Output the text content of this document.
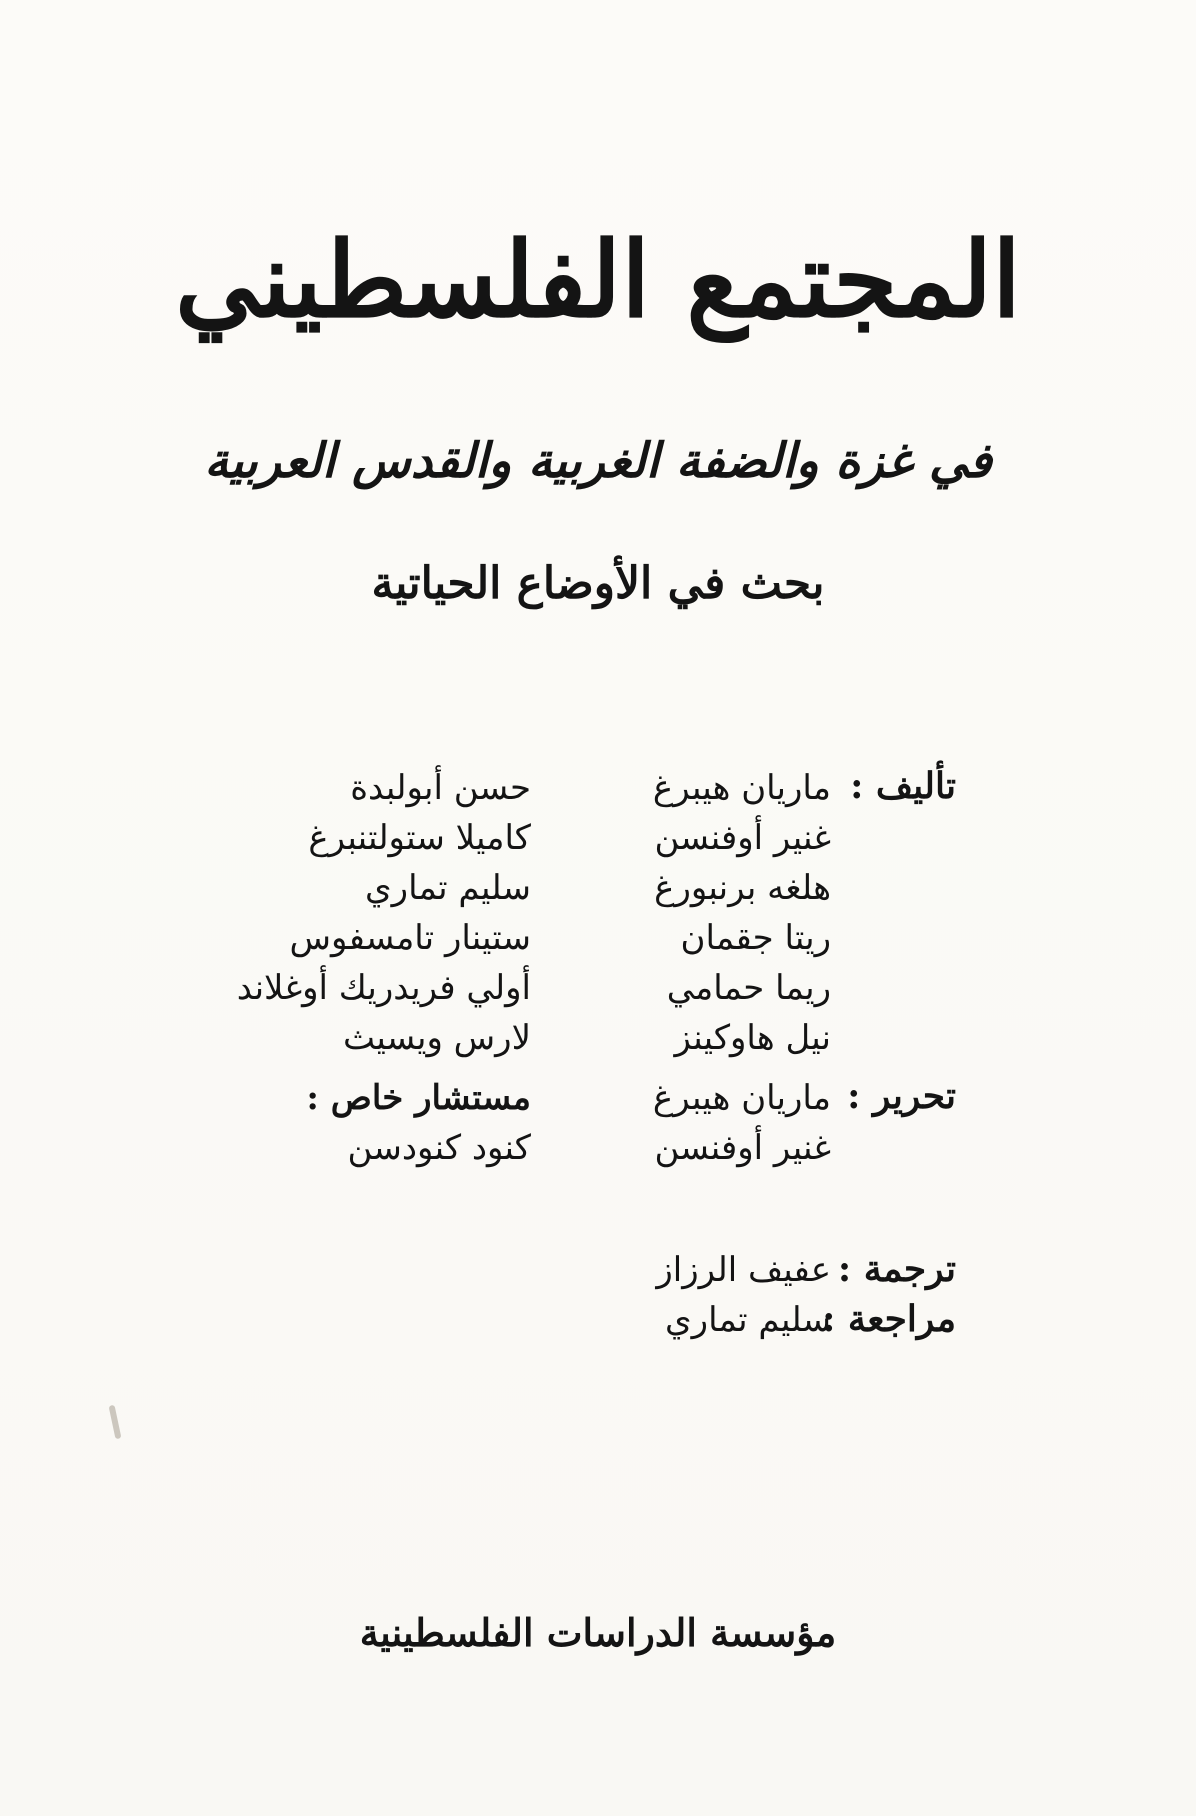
المجتمع الفلسطيني
في غزة والضفة الغربية والقدس العربية
بحث في الأوضاع الحياتية
تأليف :
ماريان هيبرغ
غنير أوفنسن
هلغه برنبورغ
ريتا جقمان
ريما حمامي
نيل هاوكينز
حسن أبولبدة
كاميلا ستولتنبرغ
سليم تماري
ستينار تامسفوس
أولي فريدريك أوغلاند
لارس ويسيث
تحرير :
ماريان هيبرغ
غنير أوفنسن
مستشار خاص :
كنود كنودسن
ترجمة :
عفيف الرزاز
مراجعة :
سليم تماري
مؤسسة الدراسات الفلسطينية
